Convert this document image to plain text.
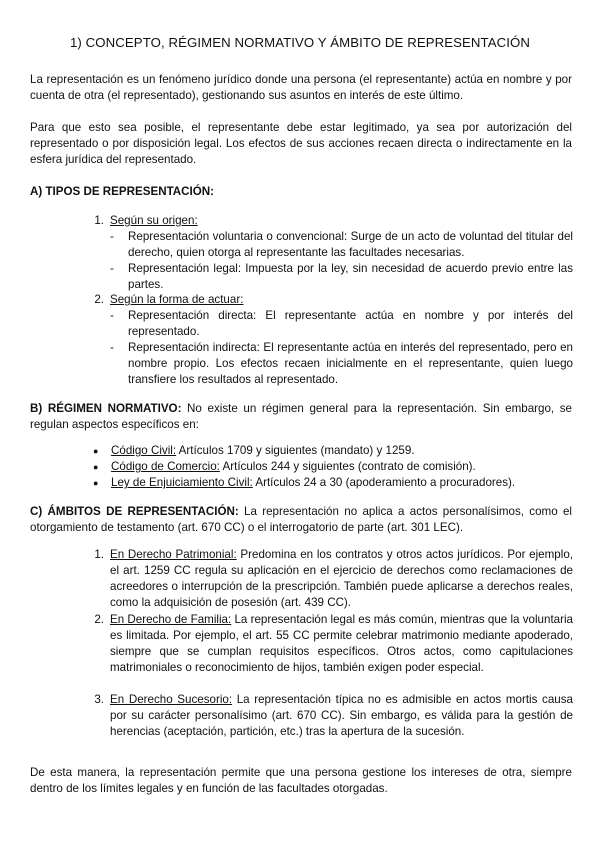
1) CONCEPTO, RÉGIMEN NORMATIVO Y ÁMBITO DE REPRESENTACIÓN

La representación es un fenómeno jurídico donde una persona (el representante) actúa en nombre y por cuenta de otra (el representado), gestionando sus asuntos en interés de este último.

Para que esto sea posible, el representante debe estar legitimado, ya sea por autorización del representado o por disposición legal. Los efectos de sus acciones recaen directa o indirectamente en la esfera jurídica del representado.

A) TIPOS DE REPRESENTACIÓN:
1. Según su origen:
- Representación voluntaria o convencional: Surge de un acto de voluntad del titular del derecho, quien otorga al representante las facultades necesarias.
- Representación legal: Impuesta por la ley, sin necesidad de acuerdo previo entre las partes.
2. Según la forma de actuar:
- Representación directa: El representante actúa en nombre y por interés del representado.
- Representación indirecta: El representante actúa en interés del representado, pero en nombre propio. Los efectos recaen inicialmente en el representante, quien luego transfiere los resultados al representado.

B) RÉGIMEN NORMATIVO: No existe un régimen general para la representación. Sin embargo, se regulan aspectos específicos en:

● Código Civil: Artículos 1709 y siguientes (mandato) y 1259.
● Código de Comercio: Artículos 244 y siguientes (contrato de comisión).
● Ley de Enjuiciamiento Civil: Artículos 24 a 30 (apoderamiento a procuradores).

C) ÁMBITOS DE REPRESENTACIÓN: La representación no aplica a actos personalísimos, como el otorgamiento de testamento (art. 670 CC) o el interrogatorio de parte (art. 301 LEC).

1. En Derecho Patrimonial: Predomina en los contratos y otros actos jurídicos. Por ejemplo, el art. 1259 CC regula su aplicación en el ejercicio de derechos como reclamaciones de acreedores o interrupción de la prescripción. También puede aplicarse a derechos reales, como la adquisición de posesión (art. 439 CC).
2. En Derecho de Familia: La representación legal es más común, mientras que la voluntaria es limitada. Por ejemplo, el art. 55 CC permite celebrar matrimonio mediante apoderado, siempre que se cumplan requisitos específicos. Otros actos, como capitulaciones matrimoniales o reconocimiento de hijos, también exigen poder especial.
3. En Derecho Sucesorio: La representación típica no es admisible en actos mortis causa por su carácter personalísimo (art. 670 CC). Sin embargo, es válida para la gestión de herencias (aceptación, partición, etc.) tras la apertura de la sucesión.

De esta manera, la representación permite que una persona gestione los intereses de otra, siempre dentro de los límites legales y en función de las facultades otorgadas.
